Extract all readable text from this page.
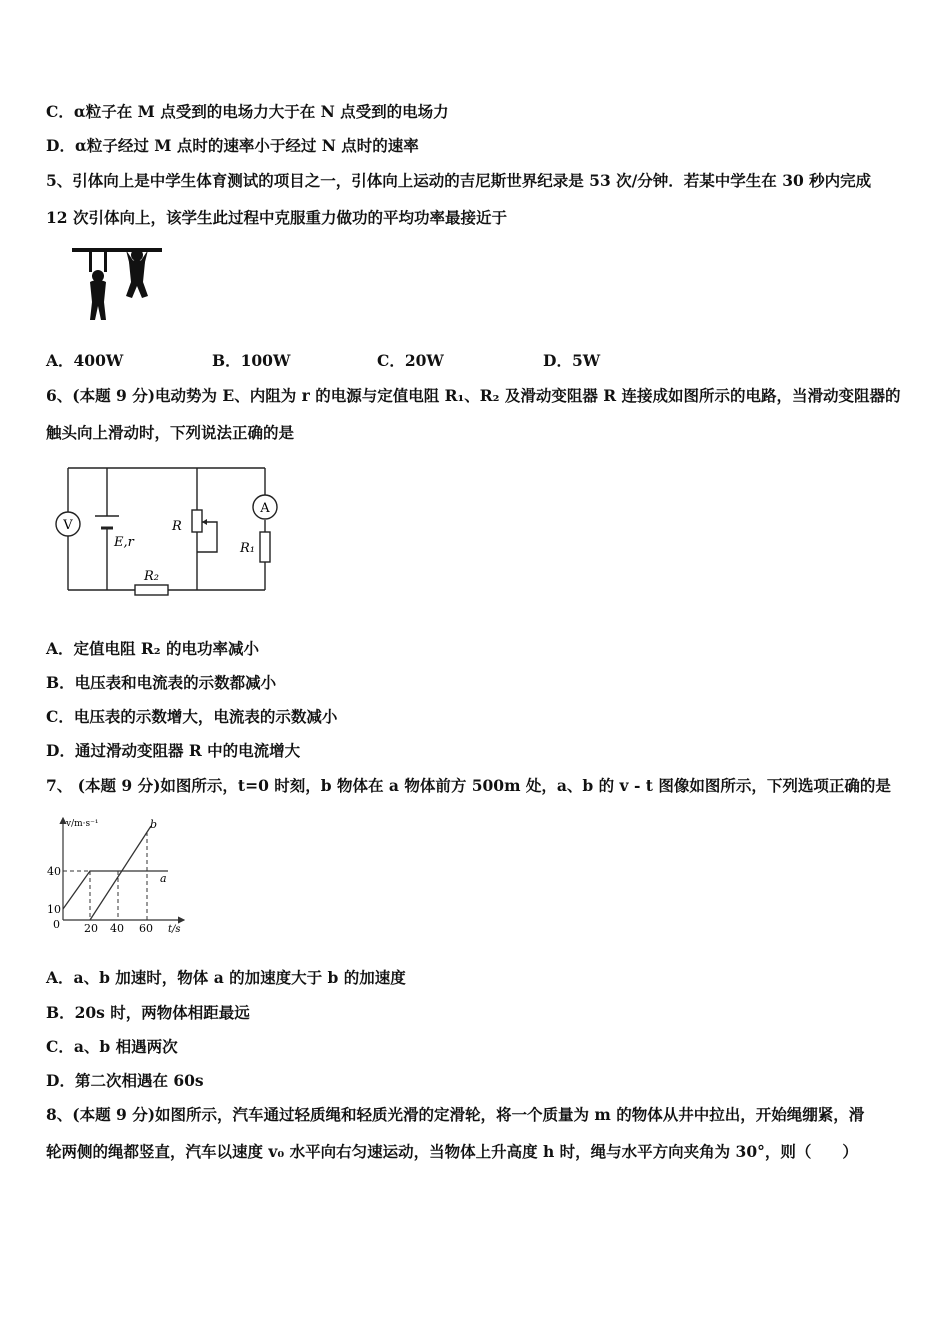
C．α粒子在 M 点受到的电场力大于在 N 点受到的电场力
D．α粒子经过 M 点时的速率小于经过 N 点时的速率
5、引体向上是中学生体育测试的项目之一，引体向上运动的吉尼斯世界纪录是 53 次/分钟．若某中学生在 30 秒内完成
12 次引体向上，该学生此过程中克服重力做功的平均功率最接近于
A．400W	B．100W	C．20W	D．5W
6、(本题 9 分)电动势为 E、内阻为 r 的电源与定值电阻 R₁、R₂ 及滑动变阻器 R 连接成如图所示的电路，当滑动变阻器的
触头向上滑动时，下列说法正确的是
V
E,r
R
A
R₁
R₂
A．定值电阻 R₂ 的电功率减小
B．电压表和电流表的示数都减小
C．电压表的示数增大，电流表的示数减小
D．通过滑动变阻器 R 中的电流增大
7、 (本题 9 分)如图所示，t=0 时刻，b 物体在 a 物体前方 500m 处，a、b 的 v - t 图像如图所示，下列选项正确的是
v/m·s⁻¹
t/s
0
40
10
20 40 60
a
b
A．a、b 加速时，物体 a 的加速度大于 b 的加速度
B．20s 时，两物体相距最远
C．a、b 相遇两次
D．第二次相遇在 60s
8、(本题 9 分)如图所示，汽车通过轻质绳和轻质光滑的定滑轮，将一个质量为 m 的物体从井中拉出，开始绳绷紧，滑
轮两侧的绳都竖直，汽车以速度 v₀ 水平向右匀速运动，当物体上升高度 h 时，绳与水平方向夹角为 30°，则（　　）
